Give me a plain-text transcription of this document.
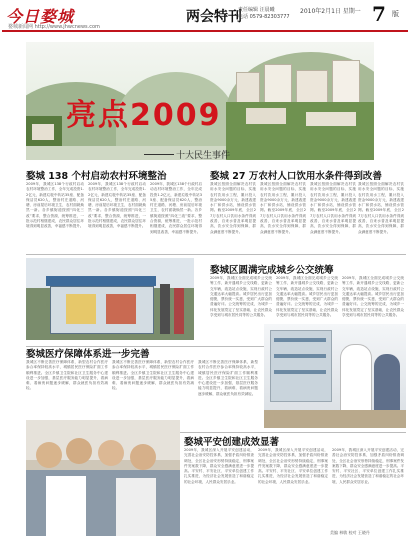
今日婺城
婺城新闻网 http://www.jhwcnews.com
两会特刊
责任编辑 汪晨曦
电话 0579-82303777
2010年2月1日 星期一 7 版
亮点2009
十大民生事件
婺城 138 个村启动农村环境整治
2009年，我城区138个行政村启动农村环境整治工作，全年完成投资1.2亿元，新建垃圾中转站35座、配备保洁员620人，整治村庄道路、河塘、房前屋后环境卫生，农村面貌焕然一新。各乡镇街道按照“四化三改”要求，整合资源，统筹推进，一批示范村相继建成，农民群众居住环境得到明显改善，幸福感不断提升。
2009年，我城区138个行政村启动农村环境整治工作，全年完成投资1.2亿元，新建垃圾中转站35座、配备保洁员620人，整治村庄道路、河塘、房前屋后环境卫生，农村面貌焕然一新。各乡镇街道按照“四化三改”要求，整合资源，统筹推进，一批示范村相继建成，农民群众居住环境得到明显改善，幸福感不断提升。
2009年，我城区138个行政村启动农村环境整治工作，全年完成投资1.2亿元，新建垃圾中转站35座、配备保洁员620人，整治村庄道路、河塘、房前屋后环境卫生，农村面貌焕然一新。各乡镇街道按照“四化三改”要求，整合资源，统筹推进，一批示范村相继建成，农民群众居住环境得到明显改善，幸福感不断提升。
婺城 27 万农村人口饮用水条件得到改善
我城区按照全面解决农村饮用水安全问题的目标，实施农村饮用水工程，累计投入资金9000余万元，新建改建水厂和供水站，铺设供水管网。截至2009年底，全区27万农村人口饮用水条件得到改善，自来水普及率明显提高，饮水安全得到保障，群众满意度不断提升。
我城区按照全面解决农村饮用水安全问题的目标，实施农村饮用水工程，累计投入资金9000余万元，新建改建水厂和供水站，铺设供水管网。截至2009年底，全区27万农村人口饮用水条件得到改善，自来水普及率明显提高，饮水安全得到保障，群众满意度不断提升。
我城区按照全面解决农村饮用水安全问题的目标，实施农村饮用水工程，累计投入资金9000余万元，新建改建水厂和供水站，铺设供水管网。截至2009年底，全区27万农村人口饮用水条件得到改善，自来水普及率明显提高，饮水安全得到保障，群众满意度不断提升。
我城区按照全面解决农村饮用水安全问题的目标，实施农村饮用水工程，累计投入资金9000余万元，新建改建水厂和供水站，铺设供水管网。截至2009年底，全区27万农村人口饮用水条件得到改善，自来水普及率明显提高，饮水安全得到保障，群众满意度不断提升。
婺城区圆满完成城乡公交统筹
2009年，我城区全面完成城乡公交统筹工作，新开通城乡公交线路，更新公交车辆，改造站点设施，实现行政村公交通达率大幅提高。城乡居民出行更加便捷，票价统一实惠，受到广大群众的普遍好评。公交统筹的完成，为城乡一体化发展奠定了坚实基础，让农民群众享受到与城市居民同等的公共服务。
2009年，我城区全面完成城乡公交统筹工作，新开通城乡公交线路，更新公交车辆，改造站点设施，实现行政村公交通达率大幅提高。城乡居民出行更加便捷，票价统一实惠，受到广大群众的普遍好评。公交统筹的完成，为城乡一体化发展奠定了坚实基础，让农民群众享受到与城市居民同等的公共服务。
2009年，我城区全面完成城乡公交统筹工作，新开通城乡公交线路，更新公交车辆，改造站点设施，实现行政村公交通达率大幅提高。城乡居民出行更加便捷，票价统一实惠，受到广大群众的普遍好评。公交统筹的完成，为城乡一体化发展奠定了坚实基础，让农民群众享受到与城市居民同等的公共服务。
婺城医疗保障体系进一步完善
我城区不断完善医疗保障体系，新型农村合作医疗参合率保持较高水平，城镇居民医疗保险扩面工作顺利推进。全区乡镇卫生院和社区卫生服务中心建设进一步加强，基层医疗服务能力明显提升，看病难、看病贵问题逐步缓解，群众就医负担有效减轻。
我城区不断完善医疗保障体系，新型农村合作医疗参合率保持较高水平，城镇居民医疗保险扩面工作顺利推进。全区乡镇卫生院和社区卫生服务中心建设进一步加强，基层医疗服务能力明显提升，看病难、看病贵问题逐步缓解，群众就医负担有效减轻。
我城区不断完善医疗保障体系，新型农村合作医疗参合率保持较高水平，城镇居民医疗保险扩面工作顺利推进。全区乡镇卫生院和社区卫生服务中心建设进一步加强，基层医疗服务能力明显提升，看病难、看病贵问题逐步缓解，群众就医负担有效减轻。
婺城平安创建成效显著
2009年，我城区深入开展平安创建活动，完善社会治安防控体系，加强矛盾纠纷排查调处，全区社会治安形势持续稳定，刑事案件发案数下降，群众安全感满意度进一步提高。平安村、平安社区、平安单位创建工作扎实推进，为经济社会发展营造了和谐稳定的社会环境，人民群众安居乐业。
2009年，我城区深入开展平安创建活动，完善社会治安防控体系，加强矛盾纠纷排查调处，全区社会治安形势持续稳定，刑事案件发案数下降，群众安全感满意度进一步提高。平安村、平安社区、平安单位创建工作扎实推进，为经济社会发展营造了和谐稳定的社会环境，人民群众安居乐业。
2009年，我城区深入开展平安创建活动，完善社会治安防控体系，加强矛盾纠纷排查调处，全区社会治安形势持续稳定，刑事案件发案数下降，群众安全感满意度进一步提高。平安村、平安社区、平安单位创建工作扎实推进，为经济社会发展营造了和谐稳定的社会环境，人民群众安居乐业。
美编 林敏 校对 王晓丹
